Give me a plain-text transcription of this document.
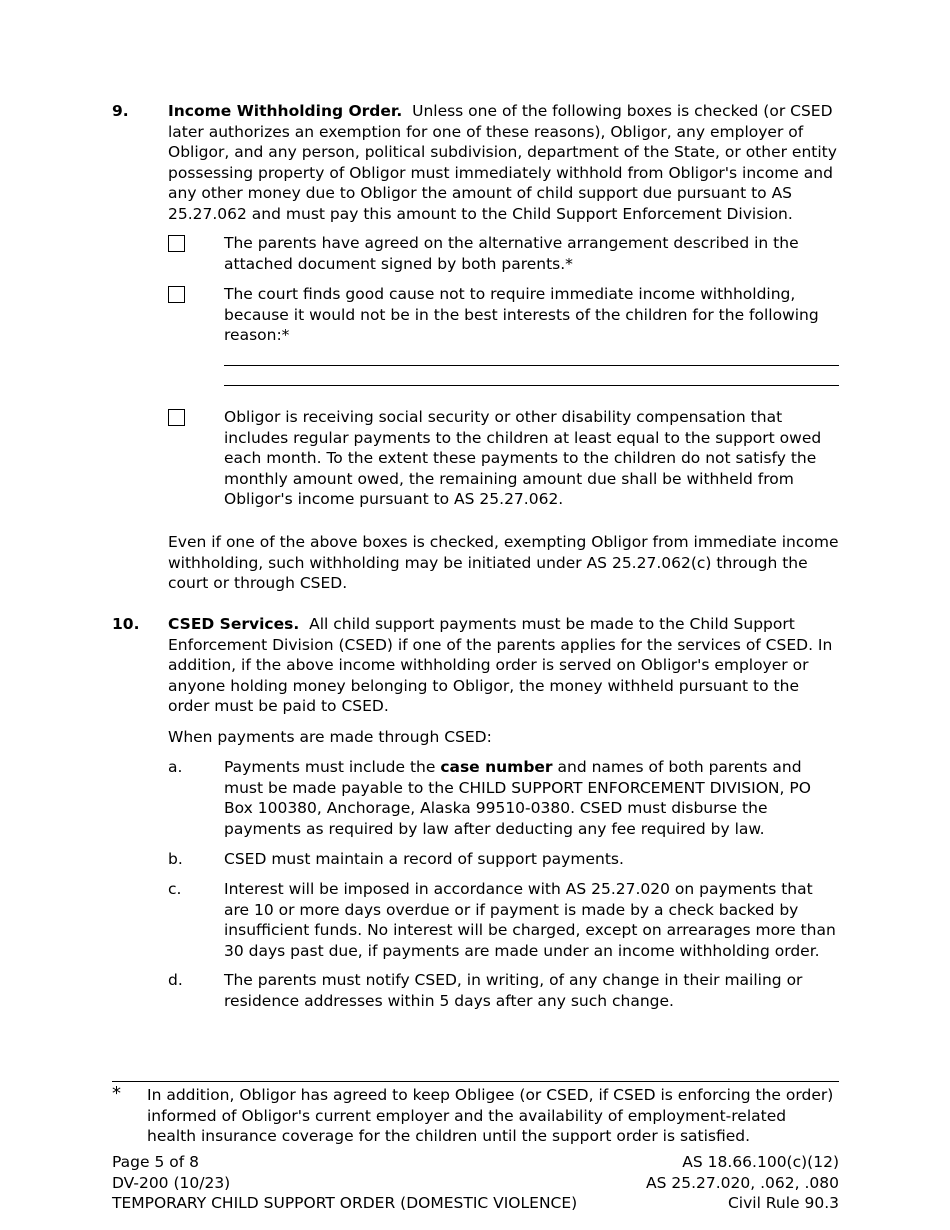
9.	Income Withholding Order. Unless one of the following boxes is checked (or CSED later authorizes an exemption for one of these reasons), Obligor, any employer of Obligor, and any person, political subdivision, department of the State, or other entity possessing property of Obligor must immediately withhold from Obligor's income and any other money due to Obligor the amount of child support due pursuant to AS 25.27.062 and must pay this amount to the Child Support Enforcement Division.
The parents have agreed on the alternative arrangement described in the attached document signed by both parents.*
The court finds good cause not to require immediate income withholding, because it would not be in the best interests of the children for the following reason:*
Obligor is receiving social security or other disability compensation that includes regular payments to the children at least equal to the support owed each month. To the extent these payments to the children do not satisfy the monthly amount owed, the remaining amount due shall be withheld from Obligor's income pursuant to AS 25.27.062.
Even if one of the above boxes is checked, exempting Obligor from immediate income withholding, such withholding may be initiated under AS 25.27.062(c) through the court or through CSED.
10. CSED Services. All child support payments must be made to the Child Support Enforcement Division (CSED) if one of the parents applies for the services of CSED. In addition, if the above income withholding order is served on Obligor's employer or anyone holding money belonging to Obligor, the money withheld pursuant to the order must be paid to CSED.
When payments are made through CSED:
a.	Payments must include the case number and names of both parents and must be made payable to the CHILD SUPPORT ENFORCEMENT DIVISION, PO Box 100380, Anchorage, Alaska 99510-0380. CSED must disburse the payments as required by law after deducting any fee required by law.
b.	CSED must maintain a record of support payments.
c.	Interest will be imposed in accordance with AS 25.27.020 on payments that are 10 or more days overdue or if payment is made by a check backed by insufficient funds. No interest will be charged, except on arrearages more than 30 days past due, if payments are made under an income withholding order.
d.	The parents must notify CSED, in writing, of any change in their mailing or residence addresses within 5 days after any such change.
* In addition, Obligor has agreed to keep Obligee (or CSED, if CSED is enforcing the order) informed of Obligor's current employer and the availability of employment-related health insurance coverage for the children until the support order is satisfied.
Page 5 of 8
DV-200 (10/23)
TEMPORARY CHILD SUPPORT ORDER (DOMESTIC VIOLENCE)
AS 18.66.100(c)(12)
AS 25.27.020, .062, .080
Civil Rule 90.3
